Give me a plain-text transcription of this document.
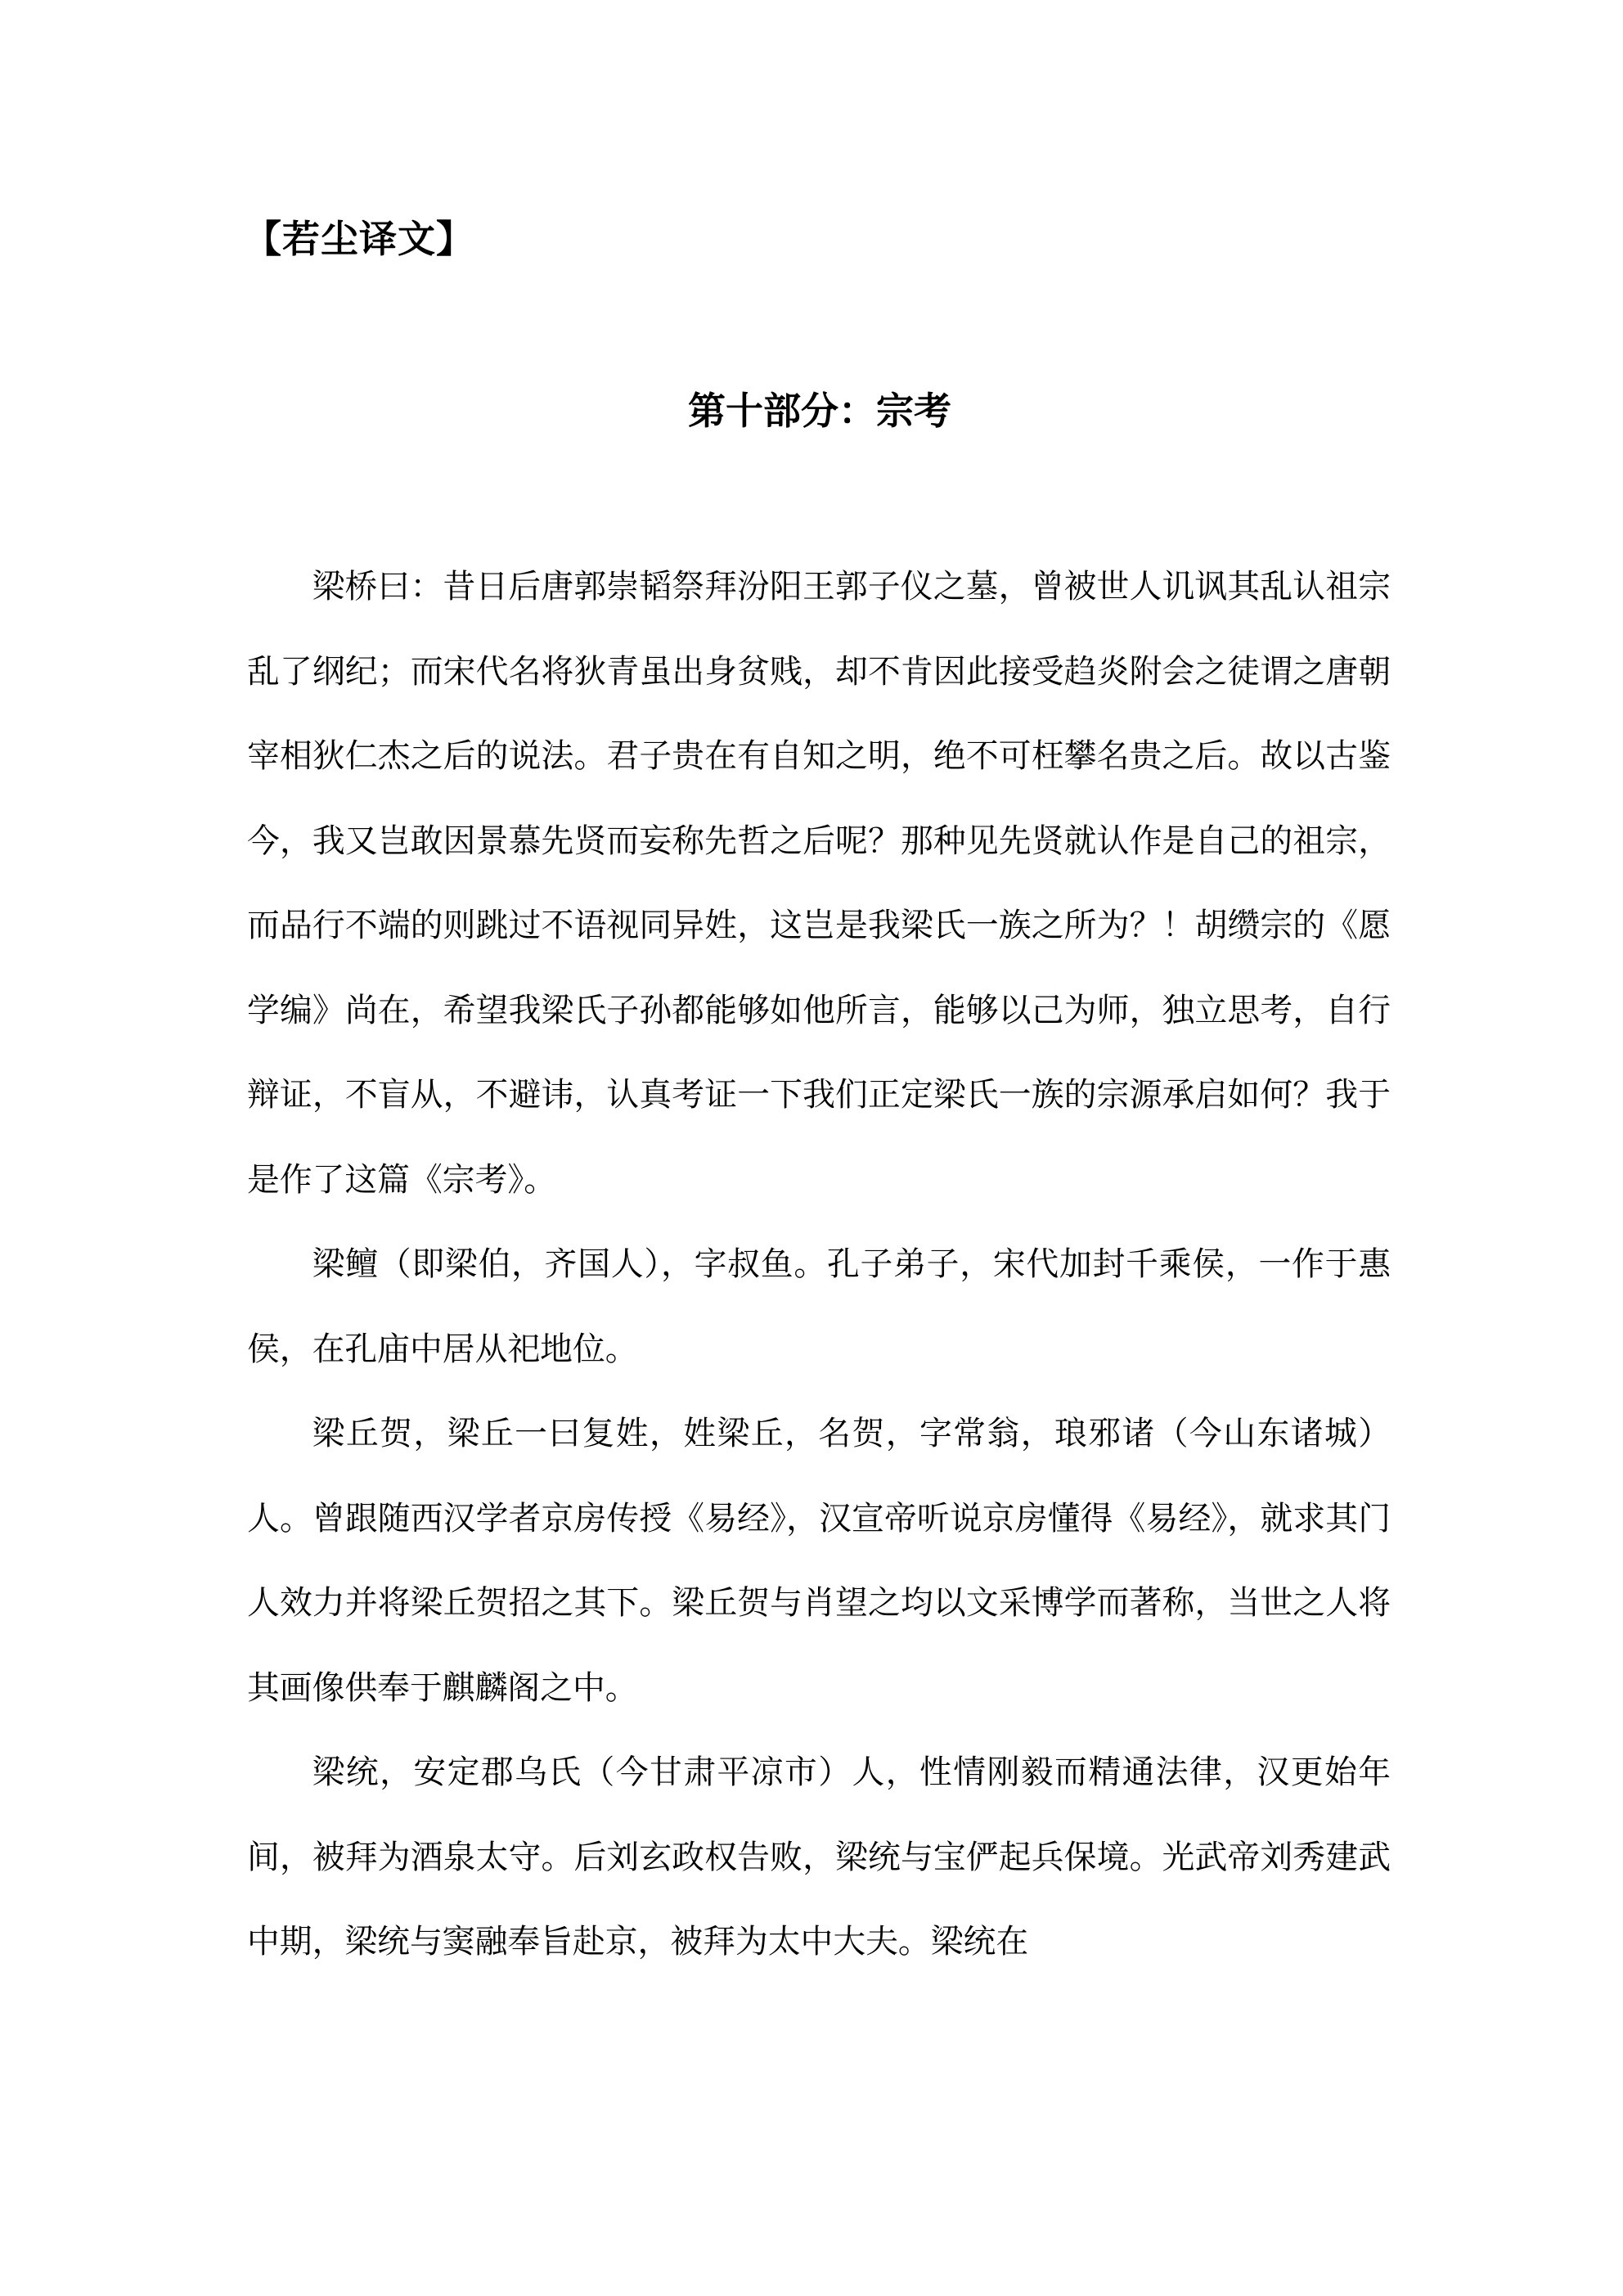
【若尘译文】
第十部分：宗考

梁桥曰：昔日后唐郭崇韬祭拜汾阳王郭子仪之墓，曾被世人讥讽其乱认祖宗乱了纲纪；而宋代名将狄青虽出身贫贱，却不肯因此接受趋炎附会之徒谓之唐朝宰相狄仁杰之后的说法。君子贵在有自知之明，绝不可枉攀名贵之后。故以古鉴今，我又岂敢因景慕先贤而妄称先哲之后呢？那种见先贤就认作是自己的祖宗，而品行不端的则跳过不语视同异姓，这岂是我梁氏一族之所为？！胡缵宗的《愿学编》尚在，希望我梁氏子孙都能够如他所言，能够以己为师，独立思考，自行辩证，不盲从，不避讳，认真考证一下我们正定梁氏一族的宗源承启如何？我于是作了这篇《宗考》。

梁鳣（即梁伯，齐国人），字叔鱼。孔子弟子，宋代加封千乘侯，一作于惠侯，在孔庙中居从祀地位。

梁丘贺，梁丘一曰复姓，姓梁丘，名贺，字常翁，琅邪诸（今山东诸城）人。曾跟随西汉学者京房传授《易经》，汉宣帝听说京房懂得《易经》，就求其门人效力并将梁丘贺招之其下。梁丘贺与肖望之均以文采博学而著称，当世之人将其画像供奉于麒麟阁之中。

梁统，安定郡乌氏（今甘肃平凉市）人，性情刚毅而精通法律，汉更始年间，被拜为酒泉太守。后刘玄政权告败，梁统与宝俨起兵保境。光武帝刘秀建武中期，梁统与窦融奉旨赴京，被拜为太中大夫。梁统在
